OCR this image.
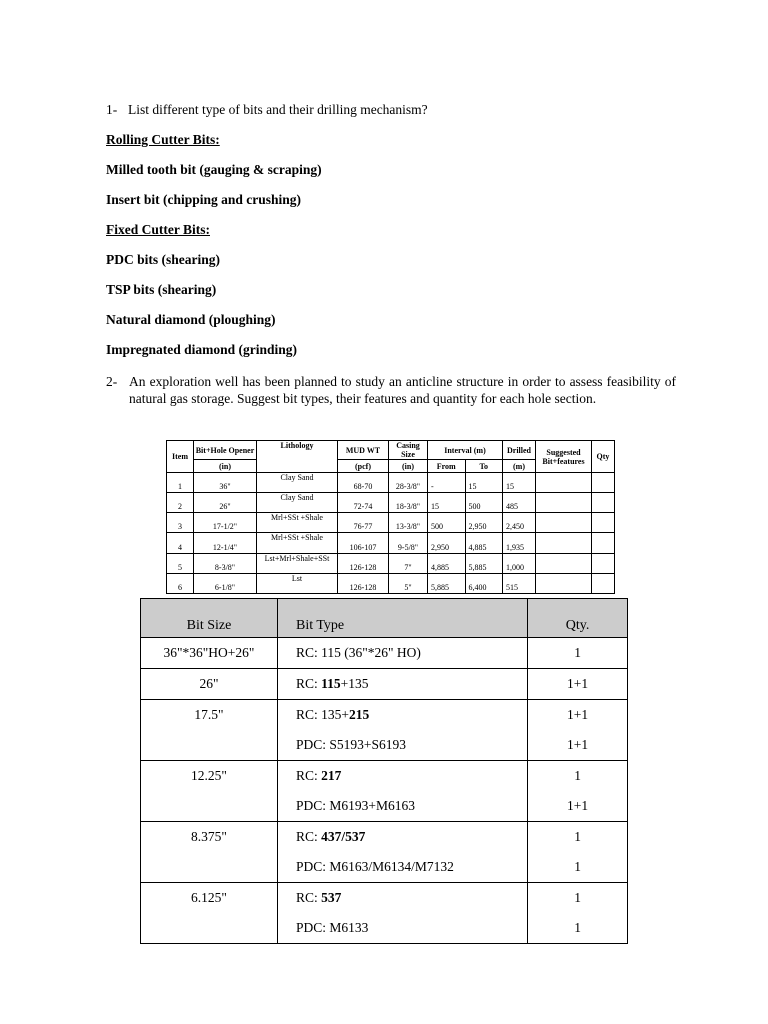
1- List different type of bits and their drilling mechanism?
Rolling Cutter Bits:
Milled tooth bit (gauging & scraping)
Insert bit (chipping and crushing)
Fixed Cutter Bits:
PDC bits (shearing)
TSP bits (shearing)
Natural diamond (ploughing)
Impregnated diamond (grinding)
2- An exploration well has been planned to study an anticline structure in order to assess feasibility of natural gas storage. Suggest bit types, their features and quantity for each hole section.
Item	Bit+Hole Opener	Lithology	MUD WT	Casing Size	Interval (m)		Drilled	Suggested Bit+features	Qty
	(in)		(pcf)	(in)	From	To	(m)		
1	36"	Clay Sand	68-70	28-3/8"	-	15	15		
2	26"	Clay Sand	72-74	18-3/8"	15	500	485		
3	17-1/2"	Mrl+SSt +Shale	76-77	13-3/8"	500	2,950	2,450		
4	12-1/4"	Mrl+SSt +Shale	106-107	9-5/8"	2,950	4,885	1,935		
5	8-3/8"	Lst+Mrl+Shale+SSt	126-128	7"	4,885	5,885	1,000		
6	6-1/8"	Lst	126-128	5"	5,885	6,400	515		
Bit Size	Bit Type	Qty.

36"*36"HO+26"	RC: 115 (36"*26" HO)	1

26"	RC: 115+135	1+1

17.5"	RC: 135+215	1+1

	PDC: S5193+S6193	1+1

12.25"	RC: 217	1

	PDC: M6193+M6163	1+1

8.375"	RC: 437/537	1

	PDC: M6163/M6134/M7132	1

6.125"	RC: 537	1

	PDC: M6133	1
